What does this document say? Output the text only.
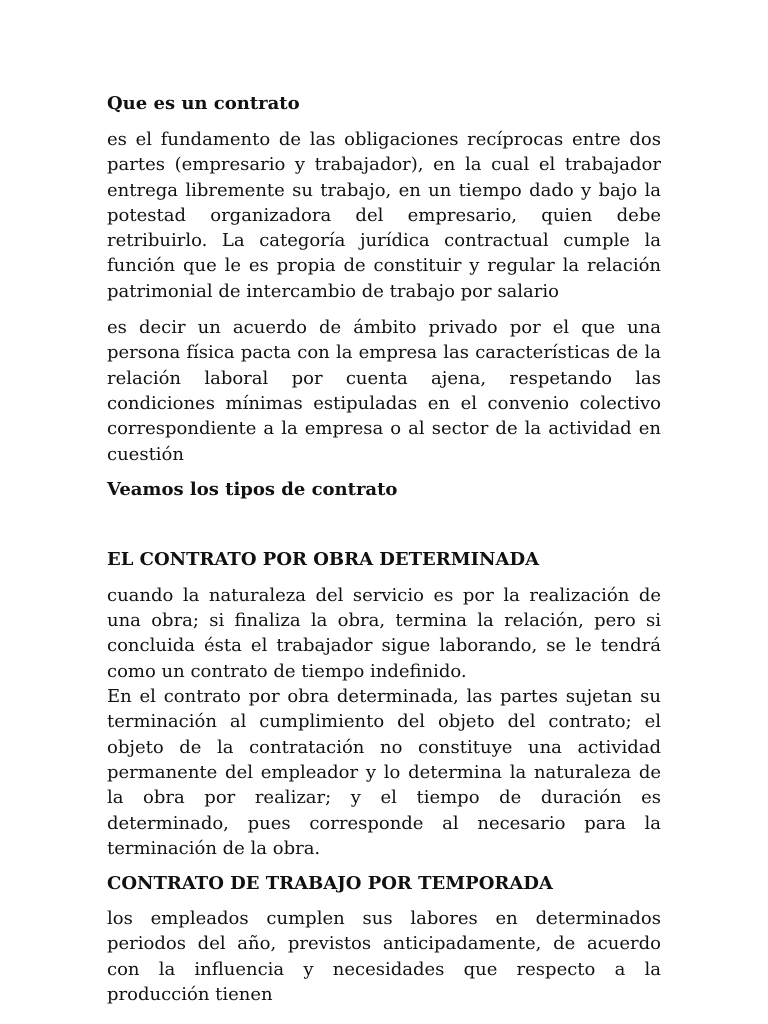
Que es un contrato

es el fundamento de las obligaciones recíprocas entre dos partes (empresario y trabajador), en la cual el trabajador entrega libremente su trabajo, en un tiempo dado y bajo la potestad organizadora del empresario, quien debe retribuirlo. La categoría jurídica contractual cumple la función que le es propia de constituir y regular la relación patrimonial de intercambio de trabajo por salario

es decir un acuerdo de ámbito privado por el que una persona física pacta con la empresa las características de la relación laboral por cuenta ajena, respetando las condiciones mínimas estipuladas en el convenio colectivo correspondiente a la empresa o al sector de la actividad en cuestión

Veamos los tipos de contrato
EL CONTRATO POR OBRA DETERMINADA

cuando la naturaleza del servicio es por la realización de una obra; si finaliza la obra, termina la relación, pero si concluida ésta el trabajador sigue laborando, se le tendrá como un contrato de tiempo indefinido.

En el contrato por obra determinada, las partes sujetan su terminación al cumplimiento del objeto del contrato; el objeto de la contratación no constituye una actividad permanente del empleador y lo determina la naturaleza de la obra por realizar; y el tiempo de duración es determinado, pues corresponde al necesario para la terminación de la obra.

CONTRATO DE TRABAJO POR TEMPORADA

los empleados cumplen sus labores en determinados periodos del año, previstos anticipadamente, de acuerdo con la influencia y necesidades que respecto a la producción tienen
